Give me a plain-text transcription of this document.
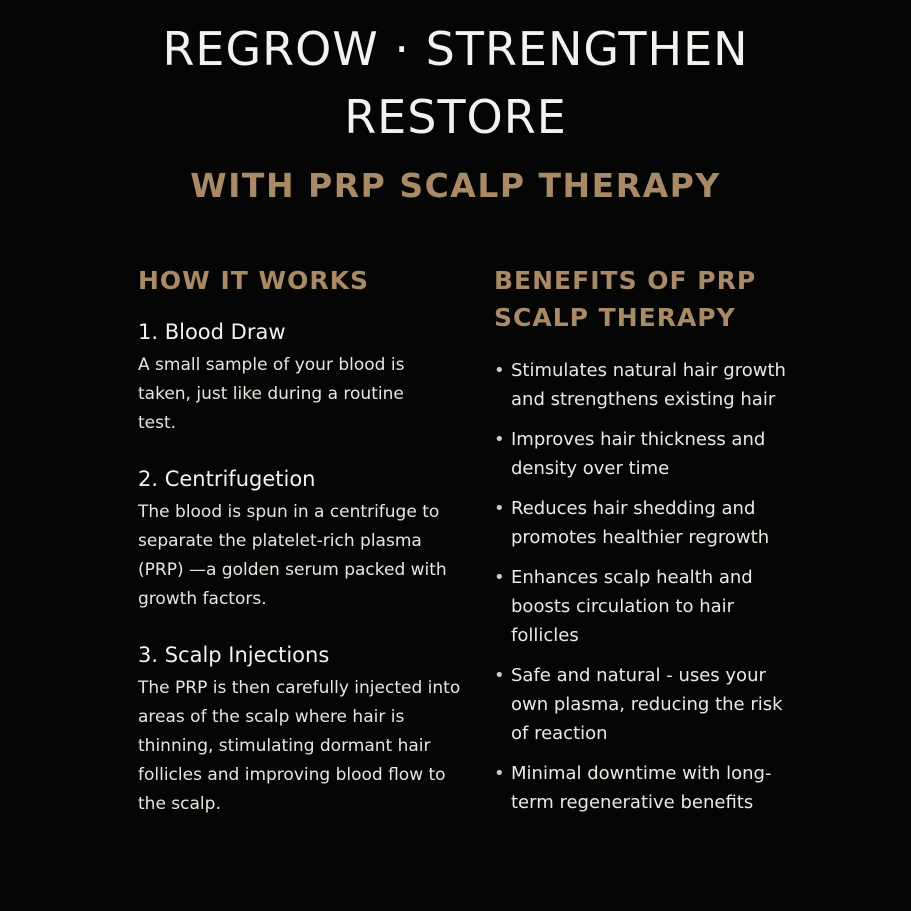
REGROW · STRENGTHEN
RESTORE
WITH PRP SCALP THERAPY
HOW IT WORKS

1. Blood Draw

A small sample of your blood is taken, just like during a routine test.

2. Centrifugetion

The blood is spun in a centrifuge to separate the platelet-rich plasma (PRP) —a golden serum packed with growth factors.

3. Scalp Injections

The PRP is then carefully injected into areas of the scalp where hair is thinning, stimulating dormant hair follicles and improving blood flow to the scalp.

BENEFITS OF PRP SCALP THERAPY
• Stimulates natural hair growth and strengthens existing hair
• Improves hair thickness and density over time
• Reduces hair shedding and promotes healthier regrowth
• Enhances scalp health and boosts circulation to hair follicles
• Safe and natural - uses your own plasma, reducing the risk of reaction
• Minimal downtime with long-term regenerative benefits
